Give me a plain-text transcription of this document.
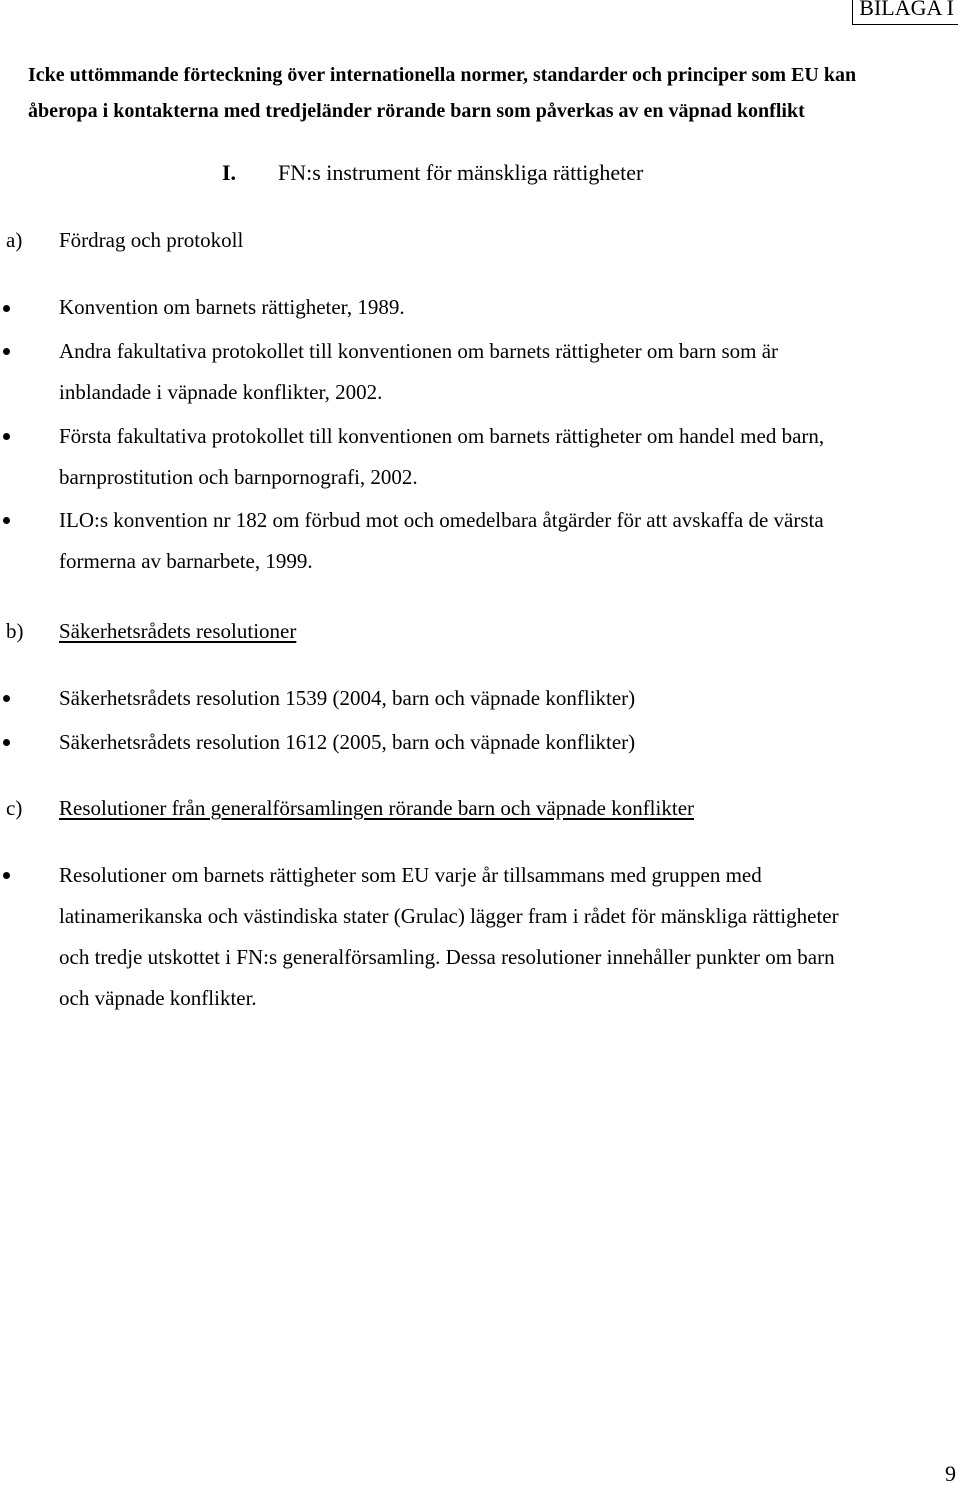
BILAGA I
Icke uttömmande förteckning över internationella normer, standarder och principer som EU kan
åberopa i kontakterna med tredjeländer rörande barn som påverkas av en väpnad konflikt
I. FN:s instrument för mänskliga rättigheter
a) Fördrag och protokoll
Konvention om barnets rättigheter, 1989.
Andra fakultativa protokollet till konventionen om barnets rättigheter om barn som är
inblandade i väpnade konflikter, 2002.
Första fakultativa protokollet till konventionen om barnets rättigheter om handel med barn,
barnprostitution och barnpornografi, 2002.
ILO:s konvention nr 182 om förbud mot och omedelbara åtgärder för att avskaffa de värsta
formerna av barnarbete, 1999.
b) Säkerhetsrådets resolutioner
Säkerhetsrådets resolution 1539 (2004, barn och väpnade konflikter)
Säkerhetsrådets resolution 1612 (2005, barn och väpnade konflikter)
c) Resolutioner från generalförsamlingen rörande barn och väpnade konflikter
Resolutioner om barnets rättigheter som EU varje år tillsammans med gruppen med
latinamerikanska och västindiska stater (Grulac) lägger fram i rådet för mänskliga rättigheter
och tredje utskottet i FN:s generalförsamling. Dessa resolutioner innehåller punkter om barn
och väpnade konflikter.
9
